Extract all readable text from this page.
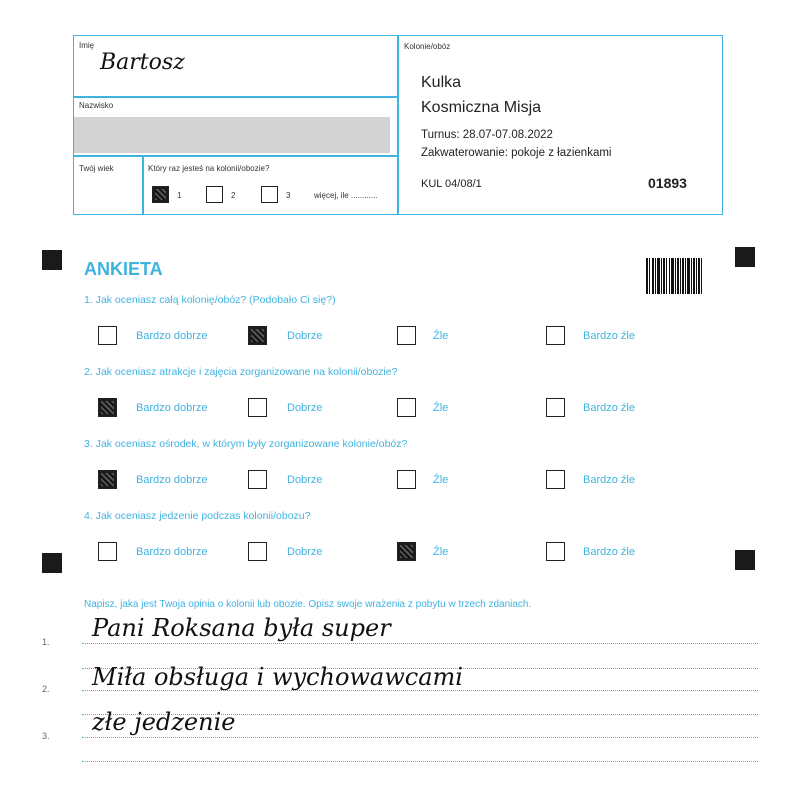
Imię
Bartosz
Nazwisko
Twój wiek	Który raz jesteś na kolonii/obozie?
1	2	3	więcej, ile ............
Kolonie/obóz
Kulka
Kosmiczna Misja
Turnus: 28.07-07.08.2022
Zakwaterowanie: pokoje z łazienkami
KUL 04/08/1	01893
ANKIETA
1. Jak oceniasz całą kolonię/obóz? (Podobało Ci się?)
Bardzo dobrze	Dobrze	Źle	Bardzo źle
2. Jak oceniasz atrakcje i zajęcia zorganizowane na kolonii/obozie?
Bardzo dobrze	Dobrze	Źle	Bardzo źle
3. Jak oceniasz ośrodek, w którym były zorganizowane kolonie/obóz?
Bardzo dobrze	Dobrze	Źle	Bardzo źle
4. Jak oceniasz jedzenie podczas kolonii/obozu?
Bardzo dobrze	Dobrze	Źle	Bardzo źle
Napisz, jaka jest Twoja opinia o kolonii lub obozie. Opisz swoje wrażenia z pobytu w trzech zdaniach.
1. Pani Roksana była super
2. Miła obsługa i wychowawcami
3. złe jedzenie
